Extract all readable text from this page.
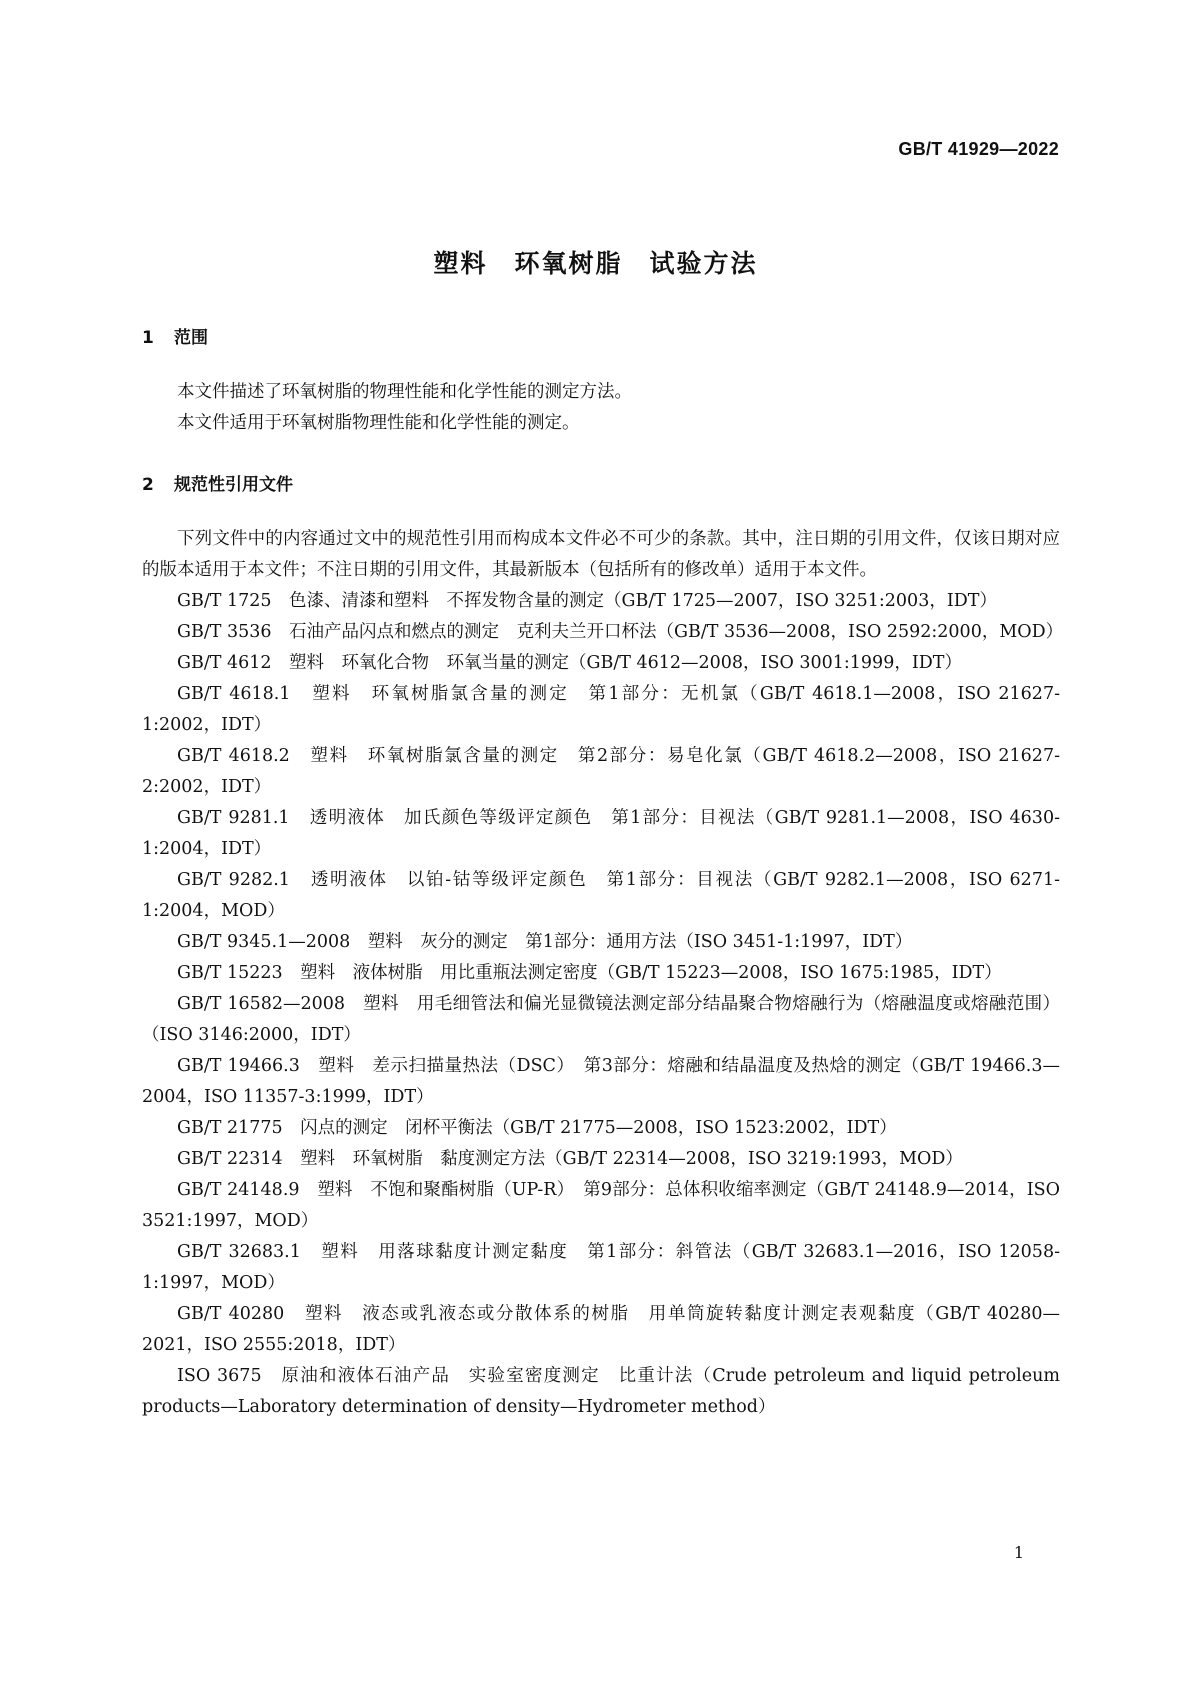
GB/T 41929—2022
塑料　环氧树脂　试验方法
1 范围

本文件描述了环氧树脂的物理性能和化学性能的测定方法。

本文件适用于环氧树脂物理性能和化学性能的测定。

2 规范性引用文件

下列文件中的内容通过文中的规范性引用而构成本文件必不可少的条款。其中，注日期的引用文件，仅该日期对应的版本适用于本文件；不注日期的引用文件，其最新版本（包括所有的修改单）适用于本文件。

GB/T 1725　色漆、清漆和塑料　不挥发物含量的测定（GB/T 1725—2007，ISO 3251:2003，IDT）
GB/T 3536　石油产品闪点和燃点的测定　克利夫兰开口杯法（GB/T 3536—2008，ISO 2592:2000，MOD）
GB/T 4612　塑料　环氧化合物　环氧当量的测定（GB/T 4612—2008，ISO 3001:1999，IDT）
GB/T 4618.1　塑料　环氧树脂氯含量的测定　第1部分：无机氯（GB/T 4618.1—2008，ISO 21627-1:2002，IDT）
GB/T 4618.2　塑料　环氧树脂氯含量的测定　第2部分：易皂化氯（GB/T 4618.2—2008，ISO 21627-2:2002，IDT）
GB/T 9281.1　透明液体　加氏颜色等级评定颜色　第1部分：目视法（GB/T 9281.1—2008，ISO 4630-1:2004，IDT）
GB/T 9282.1　透明液体　以铂-钴等级评定颜色　第1部分：目视法（GB/T 9282.1—2008，ISO 6271-1:2004，MOD）
GB/T 9345.1—2008　塑料　灰分的测定　第1部分：通用方法（ISO 3451-1:1997，IDT）
GB/T 15223　塑料　液体树脂　用比重瓶法测定密度（GB/T 15223—2008，ISO 1675:1985，IDT）
GB/T 16582—2008　塑料　用毛细管法和偏光显微镜法测定部分结晶聚合物熔融行为（熔融温度或熔融范围）（ISO 3146:2000，IDT）
GB/T 19466.3　塑料　差示扫描量热法（DSC）　第3部分：熔融和结晶温度及热焓的测定（GB/T 19466.3—2004，ISO 11357-3:1999，IDT）
GB/T 21775　闪点的测定　闭杯平衡法（GB/T 21775—2008，ISO 1523:2002，IDT）
GB/T 22314　塑料　环氧树脂　黏度测定方法（GB/T 22314—2008，ISO 3219:1993，MOD）
GB/T 24148.9　塑料　不饱和聚酯树脂（UP-R）　第9部分：总体积收缩率测定（GB/T 24148.9—2014，ISO 3521:1997，MOD）
GB/T 32683.1　塑料　用落球黏度计测定黏度　第1部分：斜管法（GB/T 32683.1—2016，ISO 12058-1:1997，MOD）
GB/T 40280　塑料　液态或乳液态或分散体系的树脂　用单筒旋转黏度计测定表观黏度（GB/T 40280—2021，ISO 2555:2018，IDT）
ISO 3675　原油和液体石油产品　实验室密度测定　比重计法（Crude petroleum and liquid petroleum products—Laboratory determination of density—Hydrometer method）
1
